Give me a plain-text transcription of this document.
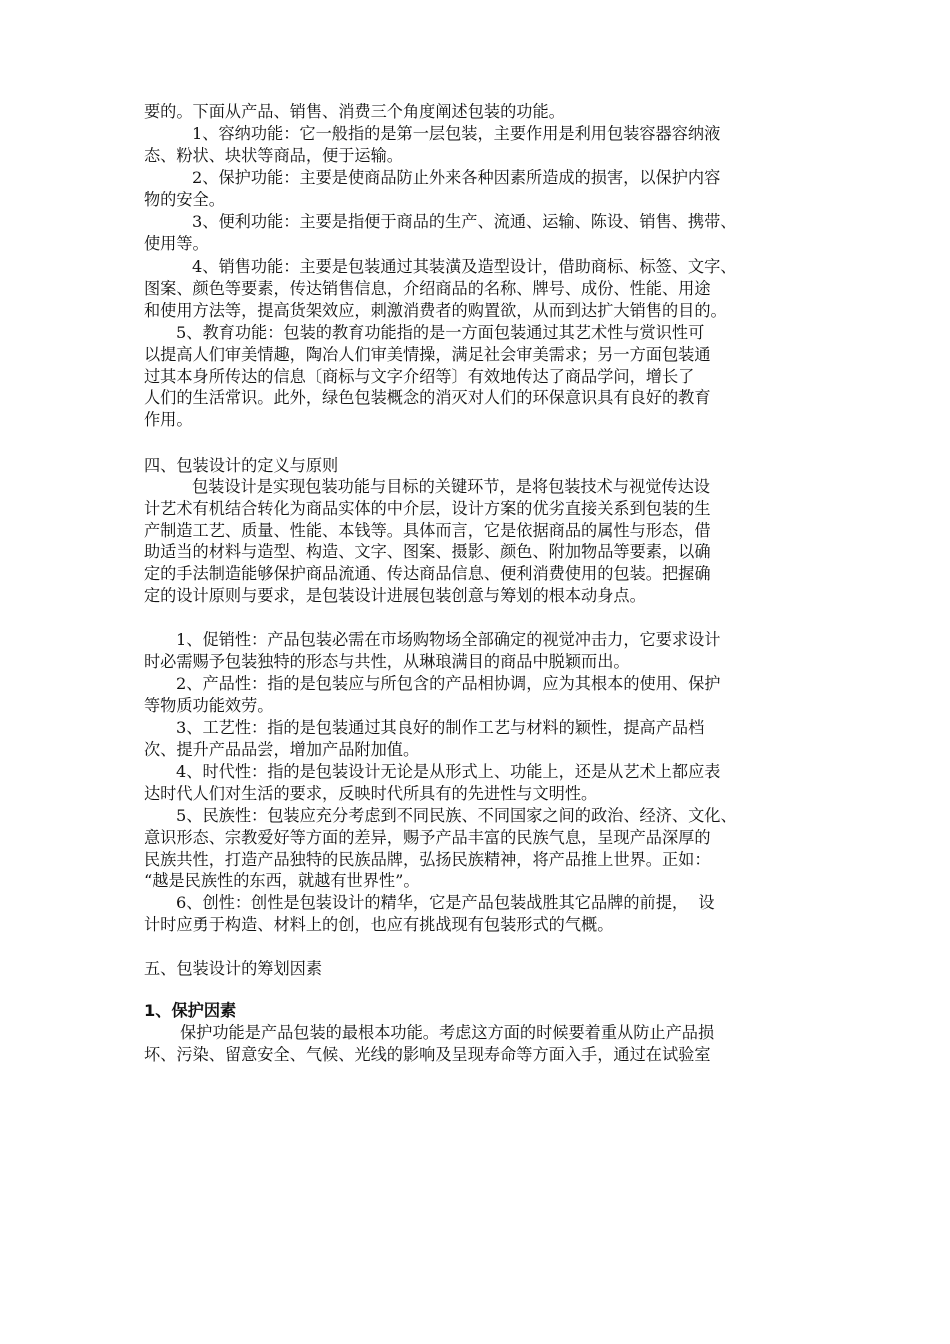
要的。下面从产品、销售、消费三个角度阐述包装的功能。
1、容纳功能：它一般指的是第一层包装，主要作用是利用包装容器容纳液
态、粉状、块状等商品，便于运输。
2、保护功能：主要是使商品防止外来各种因素所造成的损害，以保护内容
物的安全。
3、便利功能：主要是指便于商品的生产、流通、运输、陈设、销售、携带、
使用等。
4、销售功能：主要是包装通过其装潢及造型设计，借助商标、标签、文字、
图案、颜色等要素，传达销售信息，介绍商品的名称、牌号、成份、性能、用途
和使用方法等，提高货架效应，刺激消费者的购置欲，从而到达扩大销售的目的。
5、教育功能：包装的教育功能指的是一方面包装通过其艺术性与赏识性可
以提高人们审美情趣，陶冶人们审美情操，满足社会审美需求；另一方面包装通
过其本身所传达的信息〔商标与文字介绍等〕有效地传达了商品学问，增长了
人们的生活常识。此外，绿色包装概念的消灭对人们的环保意识具有良好的教育
作用。
四、包装设计的定义与原则
包装设计是实现包装功能与目标的关键环节，是将包装技术与视觉传达设
计艺术有机结合转化为商品实体的中介层，设计方案的优劣直接关系到包装的生
产制造工艺、质量、性能、本钱等。具体而言，它是依据商品的属性与形态，借
助适当的材料与造型、构造、文字、图案、摄影、颜色、附加物品等要素，以确
定的手法制造能够保护商品流通、传达商品信息、便利消费使用的包装。把握确
定的设计原则与要求，是包装设计进展包装创意与筹划的根本动身点。
1、促销性：产品包装必需在市场购物场全部确定的视觉冲击力，它要求设计
时必需赐予包装独特的形态与共性，从琳琅满目的商品中脱颖而出。
2、产品性：指的是包装应与所包含的产品相协调，应为其根本的使用、保护
等物质功能效劳。
3、工艺性：指的是包装通过其良好的制作工艺与材料的颖性，提高产品档
次、提升产品品尝，增加产品附加值。
4、时代性：指的是包装设计无论是从形式上、功能上，还是从艺术上都应表
达时代人们对生活的要求，反映时代所具有的先进性与文明性。
5、民族性：包装应充分考虑到不同民族、不同国家之间的政治、经济、文化、
意识形态、宗教爱好等方面的差异，赐予产品丰富的民族气息，呈现产品深厚的
民族共性，打造产品独特的民族品牌，弘扬民族精神，将产品推上世界。正如：
“越是民族性的东西，就越有世界性”。
6、创性：创性是包装设计的精华，它是产品包装战胜其它品牌的前提，  设
计时应勇于构造、材料上的创，也应有挑战现有包装形式的气概。
五、包装设计的筹划因素
1、保护因素
保护功能是产品包装的最根本功能。考虑这方面的时候要着重从防止产品损
坏、污染、留意安全、气候、光线的影响及呈现寿命等方面入手，通过在试验室
